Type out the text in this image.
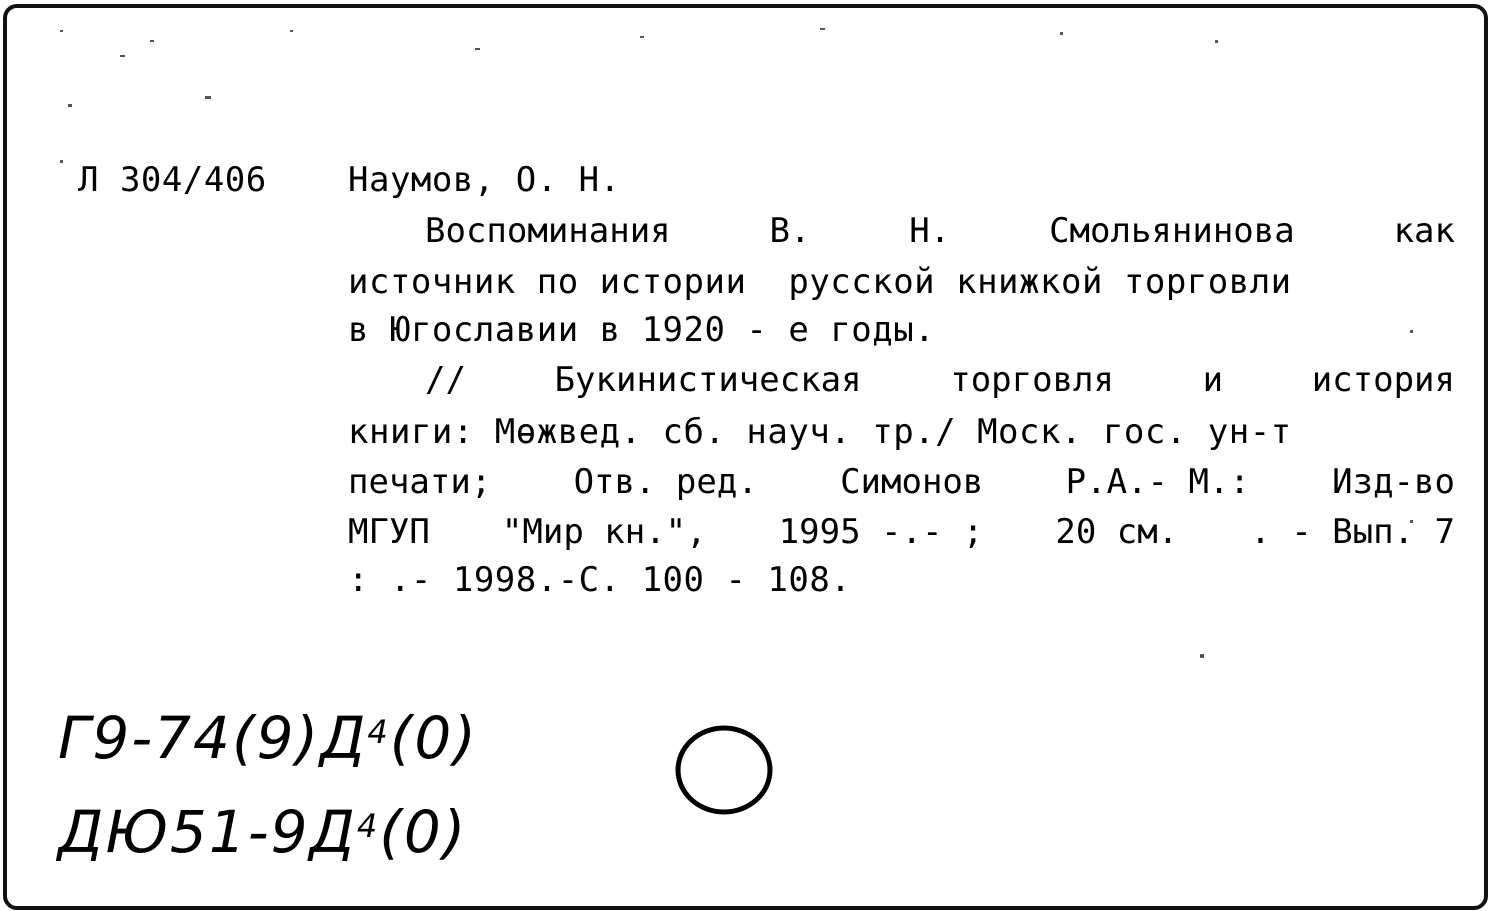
Л 304/406 Наумов, О. Н.
Воспоминания	В.	Н.	Смольянинова	как
источник по истории  русской книжкой торговли
в Югославии в 1920 - е годы.
//	Букинистическая	торговля	и	история
книги: Мөжвед. сб. науч. тр./ Моск. гос. ун-т
печати; Отв. ред. Симонов Р.А.- М.: Изд-во
МГУП "Мир кн.", 1995 -.- ; 20 см. . - Вып. 7
: .- 1998.-С. 100 - 108.
$Г9-74(9)Д^4(0)$
$ДЮ51-9Д^4(0)$
